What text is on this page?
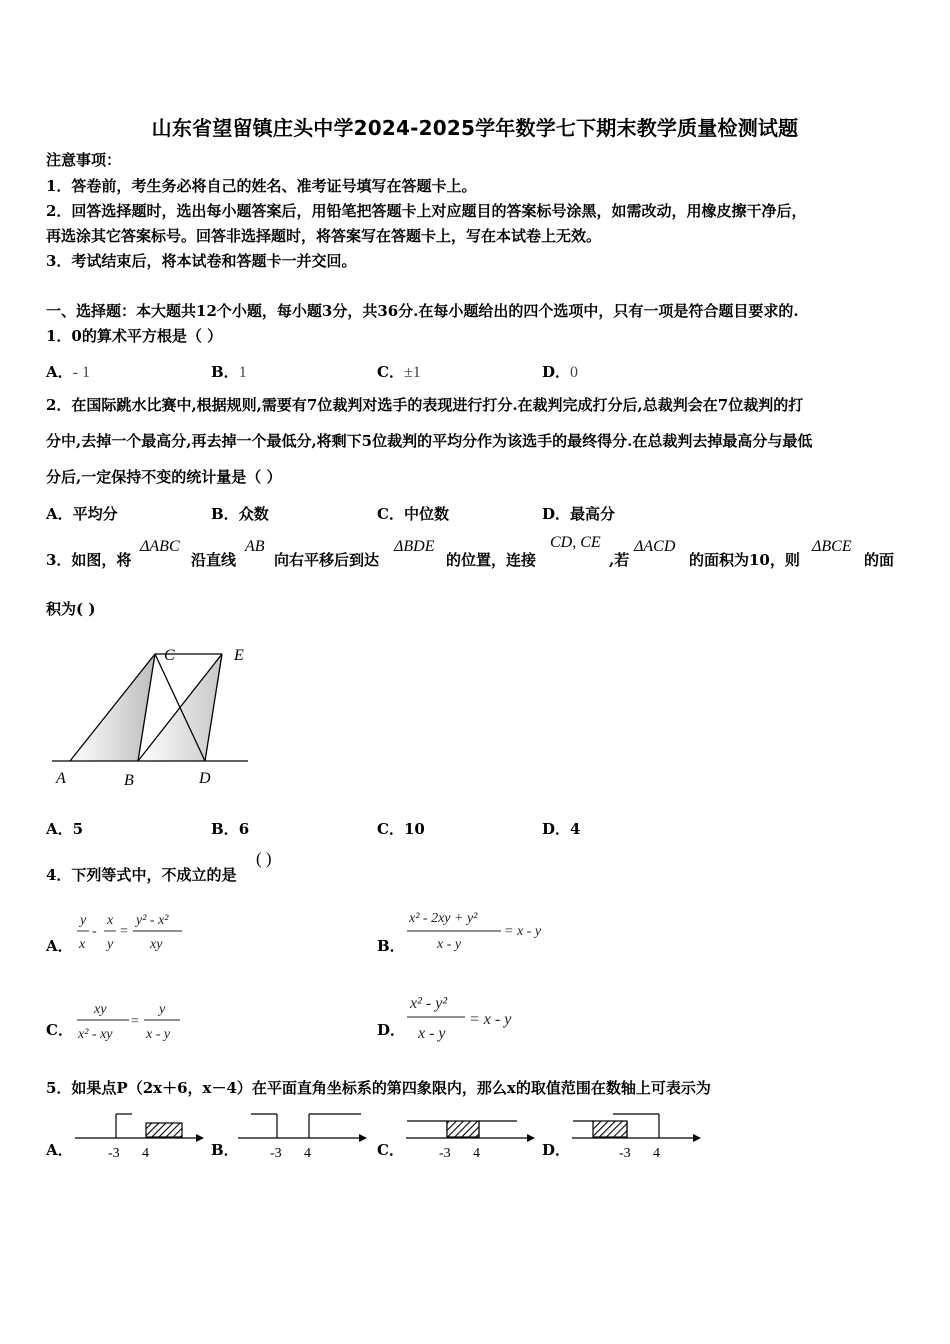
山东省望留镇庄头中学2024-2025学年数学七下期末教学质量检测试题
注意事项：
1．答卷前，考生务必将自己的姓名、准考证号填写在答题卡上。
2．回答选择题时，选出每小题答案后，用铅笔把答题卡上对应题目的答案标号涂黑，如需改动，用橡皮擦干净后，
再选涂其它答案标号。回答非选择题时，将答案写在答题卡上，写在本试卷上无效。
3．考试结束后，将本试卷和答题卡一并交回。
一、选择题：本大题共12个小题，每小题3分，共36分.在每小题给出的四个选项中，只有一项是符合题目要求的.
1．0的算术平方根是（ ）
A．- 1	B．1	C．±1	D．0
2．在国际跳水比赛中,根据规则,需要有7位裁判对选手的表现进行打分.在裁判完成打分后,总裁判会在7位裁判的打
分中,去掉一个最高分,再去掉一个最低分,将剩下5位裁判的平均分作为该选手的最终得分.在总裁判去掉最高分与最低
分后,一定保持不变的统计量是（ ）
A．平均分	B．众数	C．中位数	D．最高分
3．如图，将
ΔABC
沿直线
AB
向右平移后到达
ΔBDE
的位置，连接
CD, CE
,若
ΔACD
的面积为10，则
ΔBCE
的面
积为( )
A	B	D
C	E
A．5	B．6	C．10	D．4
4．下列等式中，不成立的是
( )
A．
y
x
-
x
y
=
y² - x²
xy	B．
x² - 2xy + y²
x - y
= x - y
C．
xy
x² - xy
=
y
x - y	D．
x² - y²
x - y
= x - y
5．如果点P（2x＋6，x－4）在平面直角坐标系的第四象限内，那么x的取值范围在数轴上可表示为
A．	-3 4	B． -3 4	C．	-3 4	D．	-3 4
